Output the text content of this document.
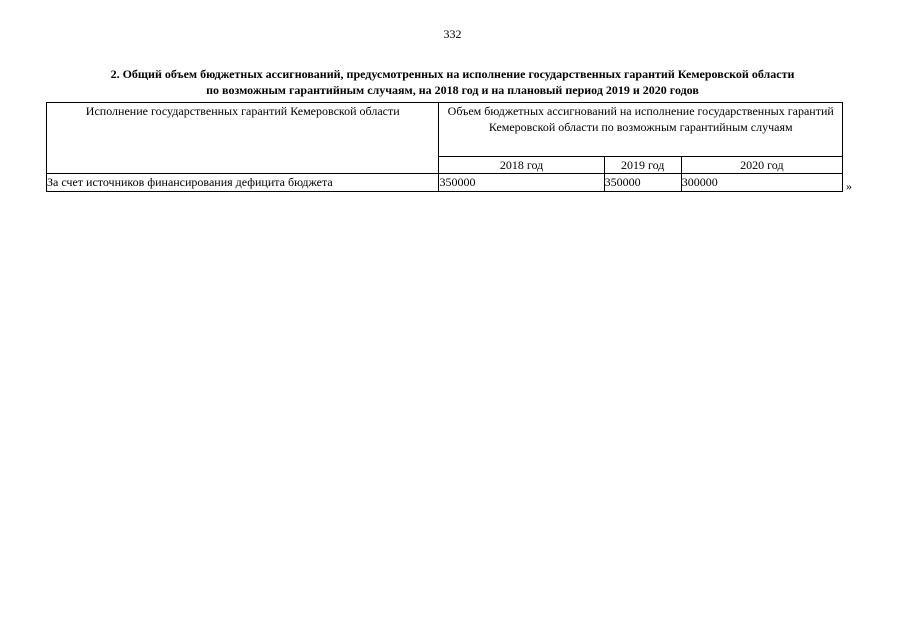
332
2. Общий объем бюджетных ассигнований, предусмотренных на исполнение государственных гарантий Кемеровской области
по возможным гарантийным случаям, на 2018 год и на плановый период 2019 и 2020 годов
Исполнение государственных гарантий Кемеровской области	Объем бюджетных ассигнований на исполнение государственных гарантий Кемеровской области по возможным гарантийным случаям		
	2018 год	2019 год	2020 год
За счет источников финансирования дефицита бюджета	350000	350000	300000	»
